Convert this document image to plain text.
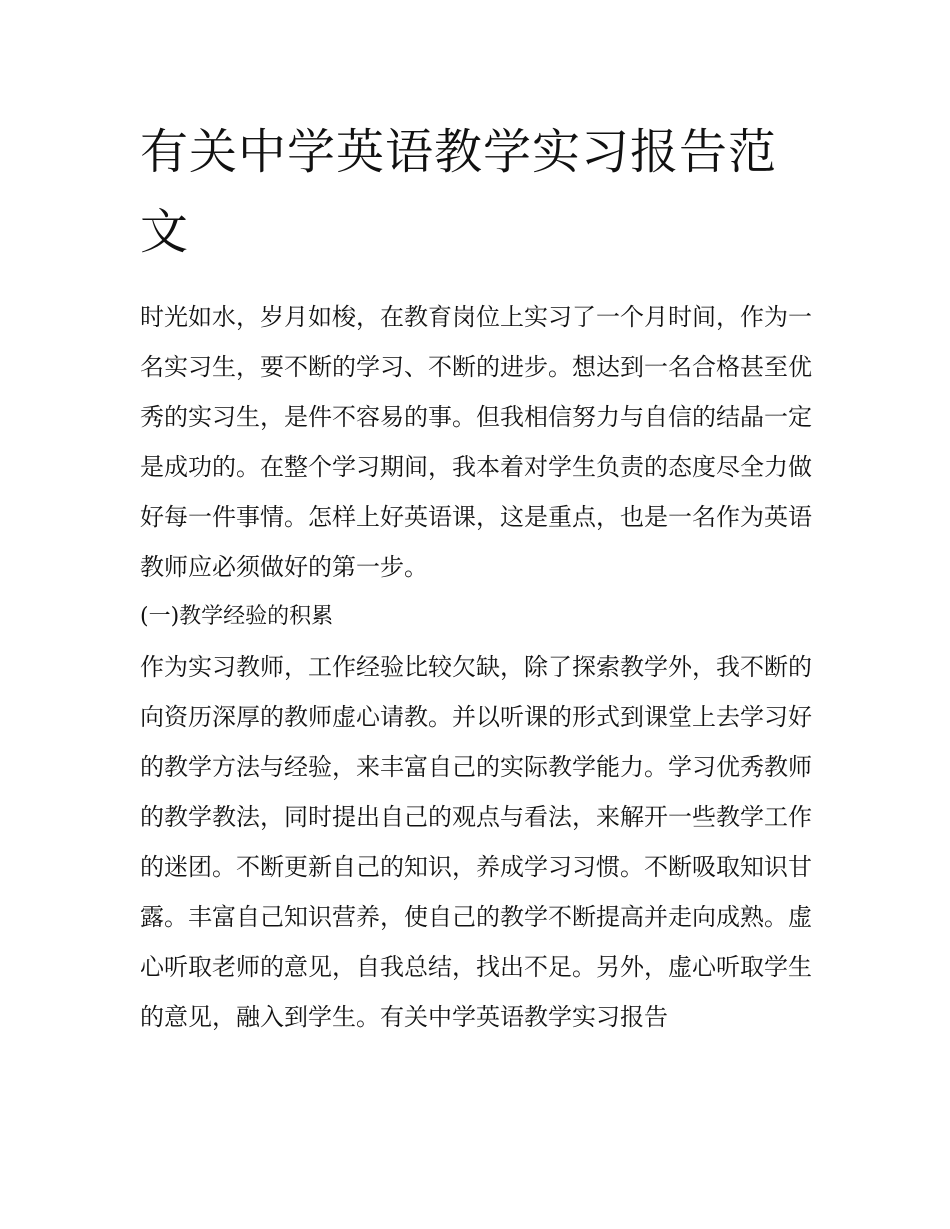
有关中学英语教学实习报告范文

时光如水，岁月如梭，在教育岗位上实习了一个月时间，作为一名实习生，要不断的学习、不断的进步。想达到一名合格甚至优秀的实习生，是件不容易的事。但我相信努力与自信的结晶一定是成功的。在整个学习期间，我本着对学生负责的态度尽全力做好每一件事情。怎样上好英语课，这是重点，也是一名作为英语教师应必须做好的第一步。

(一)教学经验的积累

作为实习教师，工作经验比较欠缺，除了探索教学外，我不断的向资历深厚的教师虚心请教。并以听课的形式到课堂上去学习好的教学方法与经验，来丰富自己的实际教学能力。学习优秀教师的教学教法，同时提出自己的观点与看法，来解开一些教学工作的迷团。不断更新自己的知识，养成学习习惯。不断吸取知识甘露。丰富自己知识营养，使自己的教学不断提高并走向成熟。虚心听取老师的意见，自我总结，找出不足。另外，虚心听取学生的意见，融入到学生。有关中学英语教学实习报告
